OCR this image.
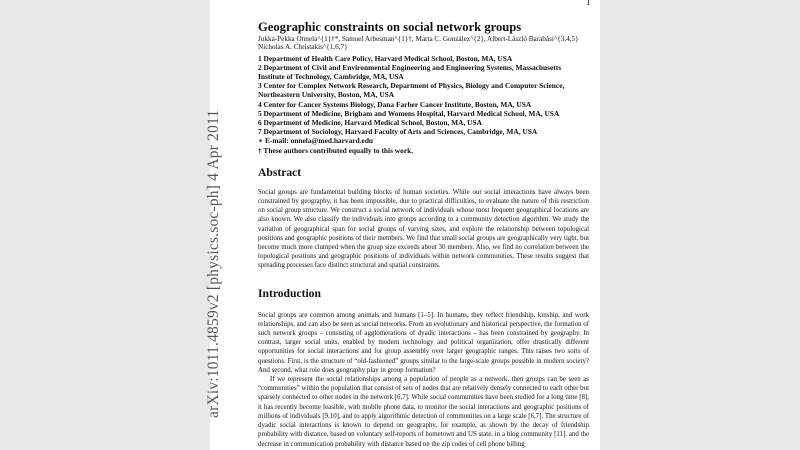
arXiv:1011.4859v2 [physics.soc-ph] 4 Apr 2011
1
Geographic constraints on social network groups
Jukka-Pekka Onnela^{1}†*, Samuel Arbesman^{1}†, Marta C. González^{2}, Albert-László Barabási^{3,4,5} Nicholas A. Christakis^{1,6,7}
1 Department of Health Care Policy, Harvard Medical School, Boston, MA, USA
2 Department of Civil and Environmental Engineering and Engineering Systems, Massachusetts Institute of Technology, Cambridge, MA, USA
3 Center for Complex Network Research, Department of Physics, Biology and Computer Science, Northeastern University, Boston, MA, USA
4 Center for Cancer Systems Biology, Dana Farber Cancer Institute, Boston, MA, USA
5 Department of Medicine, Brigham and Womens Hospital, Harvard Medical School, MA, USA
6 Department of Medicine, Harvard Medical School, Boston, MA, USA
7 Department of Sociology, Harvard Faculty of Arts and Sciences, Cambridge, MA, USA
∗ E-mail: onnela@med.harvard.edu
† These authors contributed equally to this work.
Abstract

Social groups are fundamental building blocks of human societies. While our social interactions have always been constrained by geography, it has been impossible, due to practical difficulties, to evaluate the nature of this restriction on social group structure. We construct a social network of individuals whose most frequent geographical locations are also known. We also classify the individuals into groups according to a community detection algorithm. We study the variation of geographical span for social groups of varying sizes, and explore the relationship between topological positions and geographic positions of their members. We find that small social groups are geographically very tight, but become much more clumped when the group size exceeds about 30 members. Also, we find no correlation between the topological positions and geographic positions of individuals within network communities. These results suggest that spreading processes face distinct structural and spatial constraints.

Introduction

Social groups are common among animals and humans [1–5]. In humans, they reflect friendship, kinship, and work relationships, and can also be seen as social networks. From an evolutionary and historical perspective, the formation of such network groups – consisting of agglomerations of dyadic interactions – has been constrained by geography. In contrast, larger social units, enabled by modern technology and political organization, offer drastically different opportunities for social interactions and for group assembly over larger geographic ranges. This raises two sorts of questions. First, is the structure of “old-fashioned” groups similar to the large-scale groups possible in modern society? And second, what role does geography play in group formation?

If we represent the social relationships among a population of people as a network, then groups can be seen as “communities” within the population that consist of sets of nodes that are relatively densely connected to each other but sparsely connected to other nodes in the network [6,7]. While social communities have been studied for a long time [8], it has recently become feasible, with mobile phone data, to monitor the social interactions and geographic positions of millions of individuals [9,10], and to apply algorithmic detection of communities on a large scale [6,7]. The structure of dyadic social interactions is known to depend on geography, for example, as shown by the decay of friendship probability with distance, based on voluntary self-reports of hometown and US state, in a blog community [11], and the decrease in communication probability with distance based on the zip codes of cell phone billing
